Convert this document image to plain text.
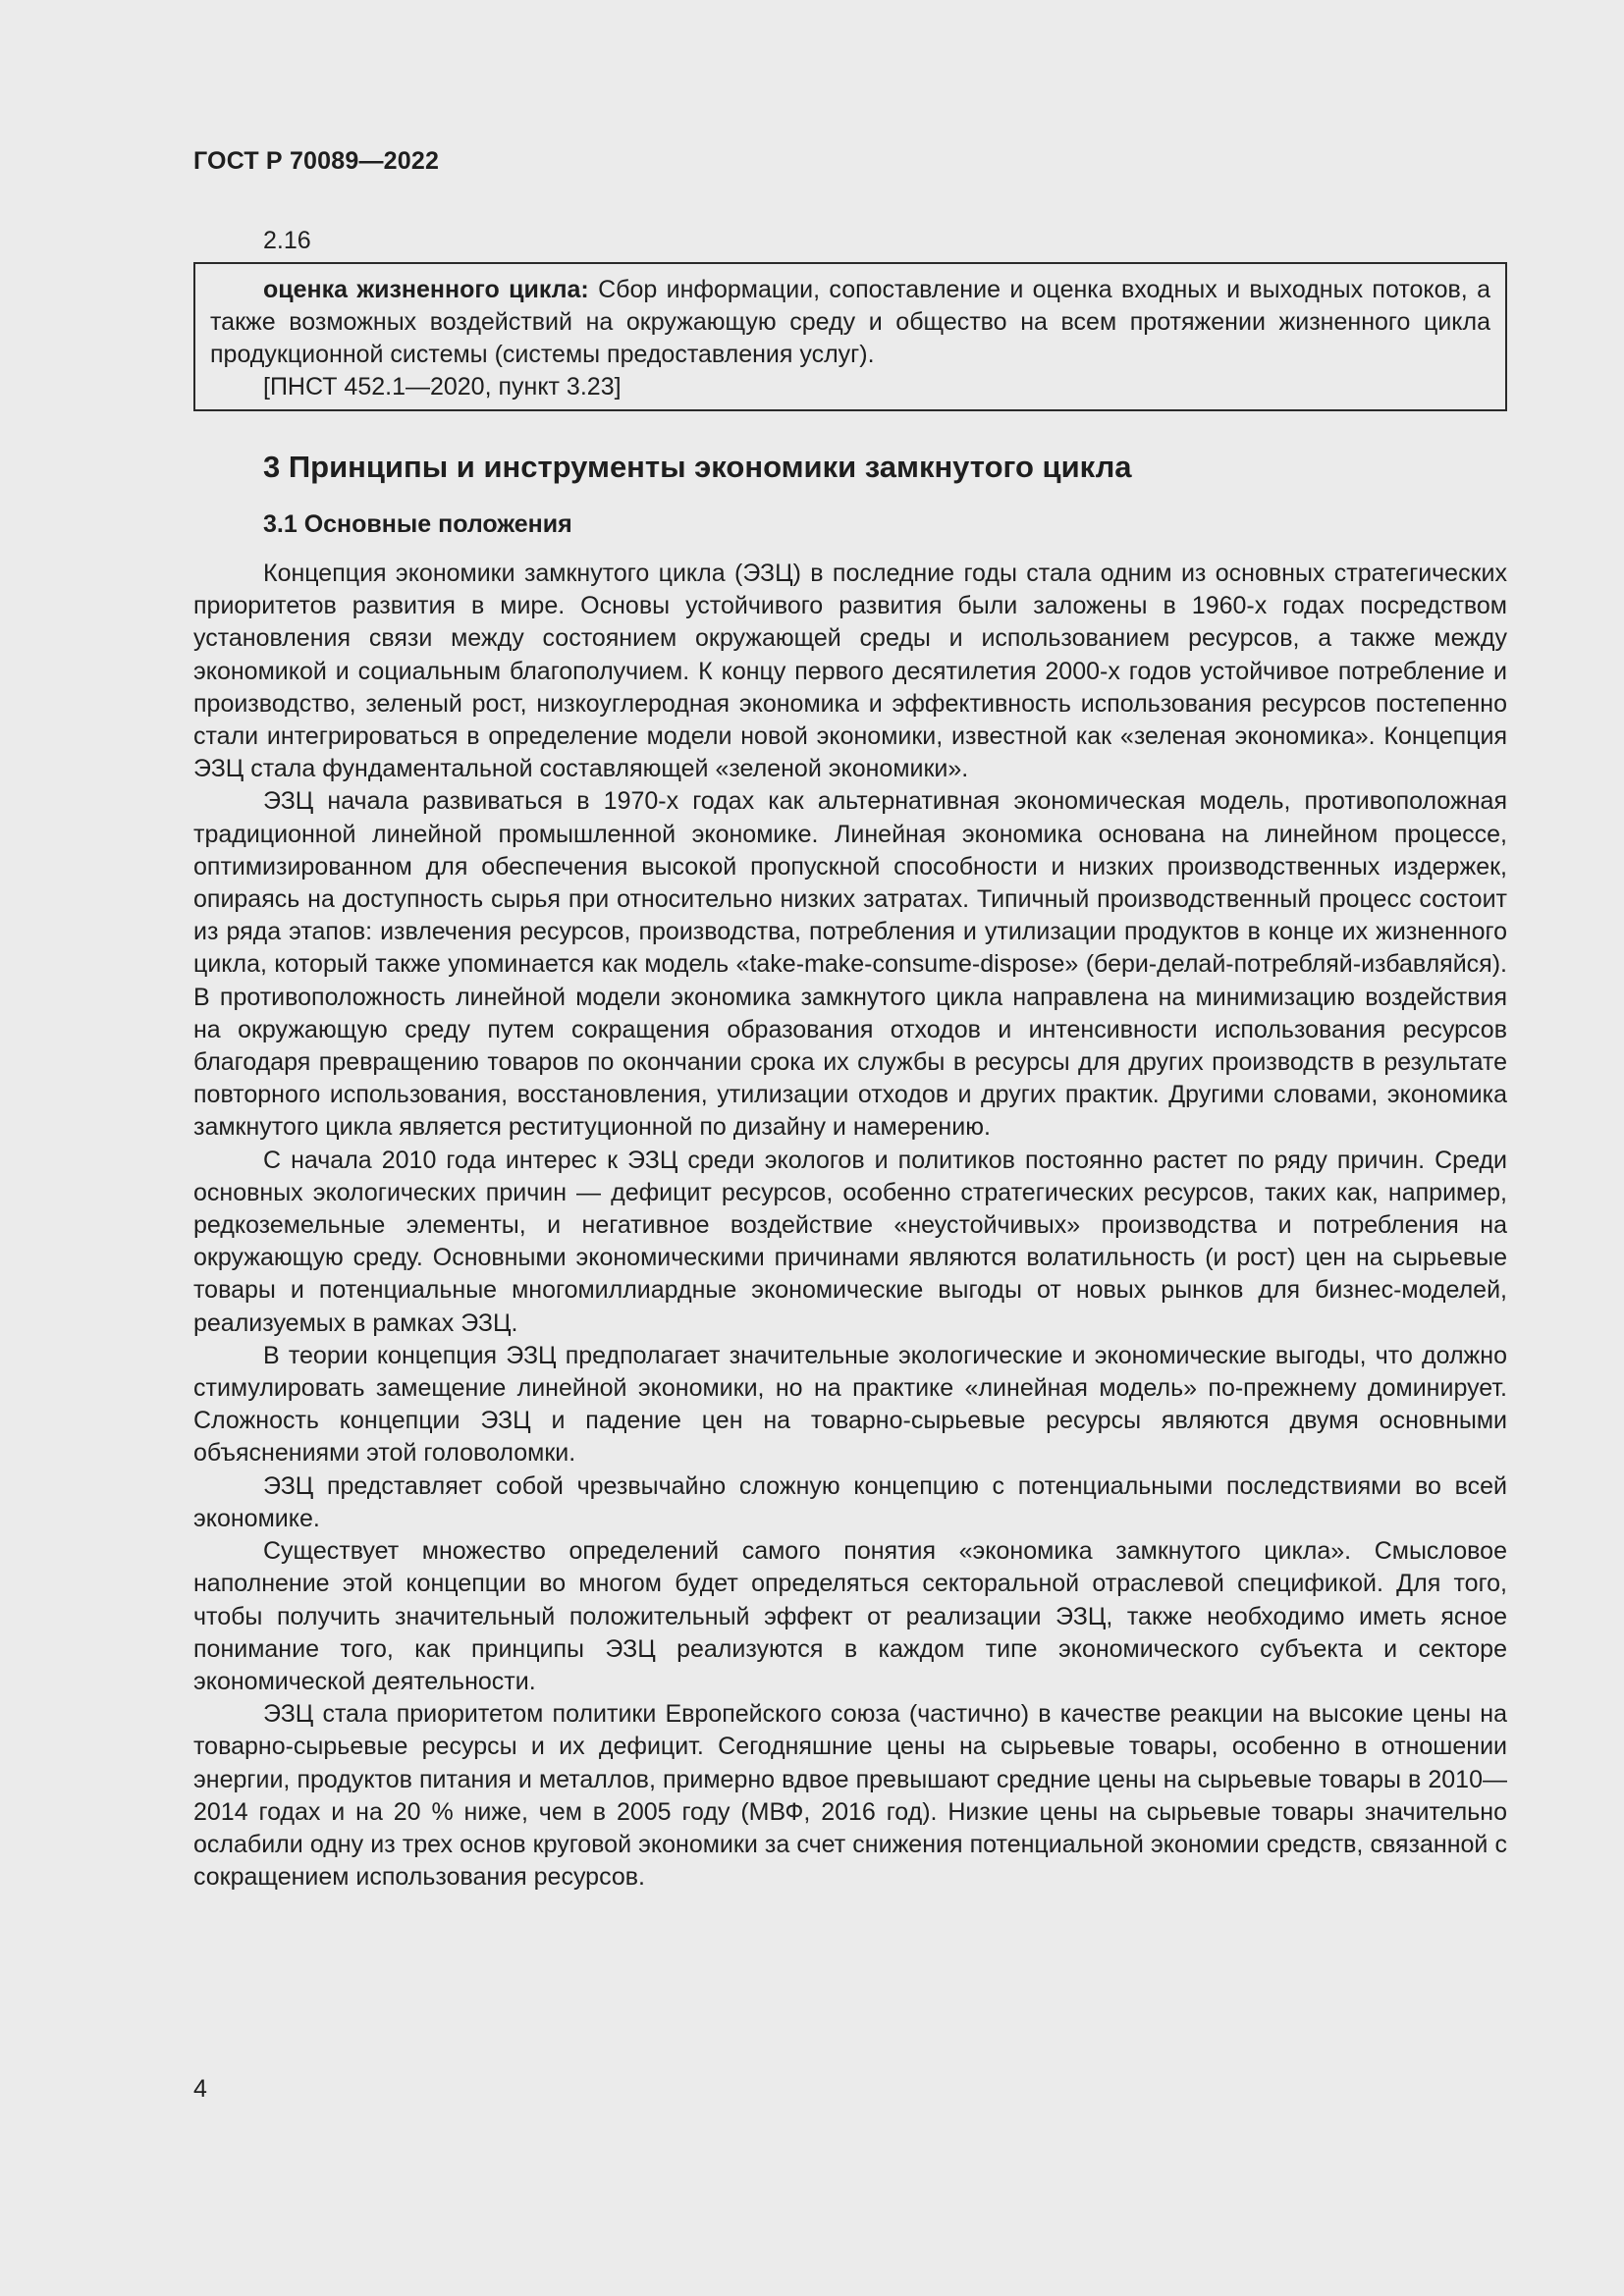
ГОСТ Р 70089—2022
2.16

оценка жизненного цикла: Сбор информации, сопоставление и оценка входных и выходных потоков, а также возможных воздействий на окружающую среду и общество на всем протяжении жизненного цикла продукционной системы (системы предоставления услуг).

[ПНСТ 452.1—2020, пункт 3.23]

3 Принципы и инструменты экономики замкнутого цикла
3.1 Основные положения

Концепция экономики замкнутого цикла (ЭЗЦ) в последние годы стала одним из основных стратегических приоритетов развития в мире. Основы устойчивого развития были заложены в 1960-х годах посредством установления связи между состоянием окружающей среды и использованием ресурсов, а также между экономикой и социальным благополучием. К концу первого десятилетия 2000-х годов устойчивое потребление и производство, зеленый рост, низкоуглеродная экономика и эффективность использования ресурсов постепенно стали интегрироваться в определение модели новой экономики, известной как «зеленая экономика». Концепция ЭЗЦ стала фундаментальной составляющей «зеленой экономики».

ЭЗЦ начала развиваться в 1970-х годах как альтернативная экономическая модель, противоположная традиционной линейной промышленной экономике. Линейная экономика основана на линейном процессе, оптимизированном для обеспечения высокой пропускной способности и низких производственных издержек, опираясь на доступность сырья при относительно низких затратах. Типичный производственный процесс состоит из ряда этапов: извлечения ресурсов, производства, потребления и утилизации продуктов в конце их жизненного цикла, который также упоминается как модель «take-make-consume-dispose» (бери-делай-потребляй-избавляйся). В противоположность линейной модели экономика замкнутого цикла направлена на минимизацию воздействия на окружающую среду путем сокращения образования отходов и интенсивности использования ресурсов благодаря превращению товаров по окончании срока их службы в ресурсы для других производств в результате повторного использования, восстановления, утилизации отходов и других практик. Другими словами, экономика замкнутого цикла является реституционной по дизайну и намерению.

С начала 2010 года интерес к ЭЗЦ среди экологов и политиков постоянно растет по ряду причин. Среди основных экологических причин — дефицит ресурсов, особенно стратегических ресурсов, таких как, например, редкоземельные элементы, и негативное воздействие «неустойчивых» производства и потребления на окружающую среду. Основными экономическими причинами являются волатильность (и рост) цен на сырьевые товары и потенциальные многомиллиардные экономические выгоды от новых рынков для бизнес-моделей, реализуемых в рамках ЭЗЦ.

В теории концепция ЭЗЦ предполагает значительные экологические и экономические выгоды, что должно стимулировать замещение линейной экономики, но на практике «линейная модель» по-прежнему доминирует. Сложность концепции ЭЗЦ и падение цен на товарно-сырьевые ресурсы являются двумя основными объяснениями этой головоломки.

ЭЗЦ представляет собой чрезвычайно сложную концепцию с потенциальными последствиями во всей экономике.

Существует множество определений самого понятия «экономика замкнутого цикла». Смысловое наполнение этой концепции во многом будет определяться секторальной отраслевой спецификой. Для того, чтобы получить значительный положительный эффект от реализации ЭЗЦ, также необходимо иметь ясное понимание того, как принципы ЭЗЦ реализуются в каждом типе экономического субъекта и секторе экономической деятельности.

ЭЗЦ стала приоритетом политики Европейского союза (частично) в качестве реакции на высокие цены на товарно-сырьевые ресурсы и их дефицит. Сегодняшние цены на сырьевые товары, особенно в отношении энергии, продуктов питания и металлов, примерно вдвое превышают средние цены на сырьевые товары в 2010—2014 годах и на 20 % ниже, чем в 2005 году (МВФ, 2016 год). Низкие цены на сырьевые товары значительно ослабили одну из трех основ круговой экономики за счет снижения потенциальной экономии средств, связанной с сокращением использования ресурсов.

4
